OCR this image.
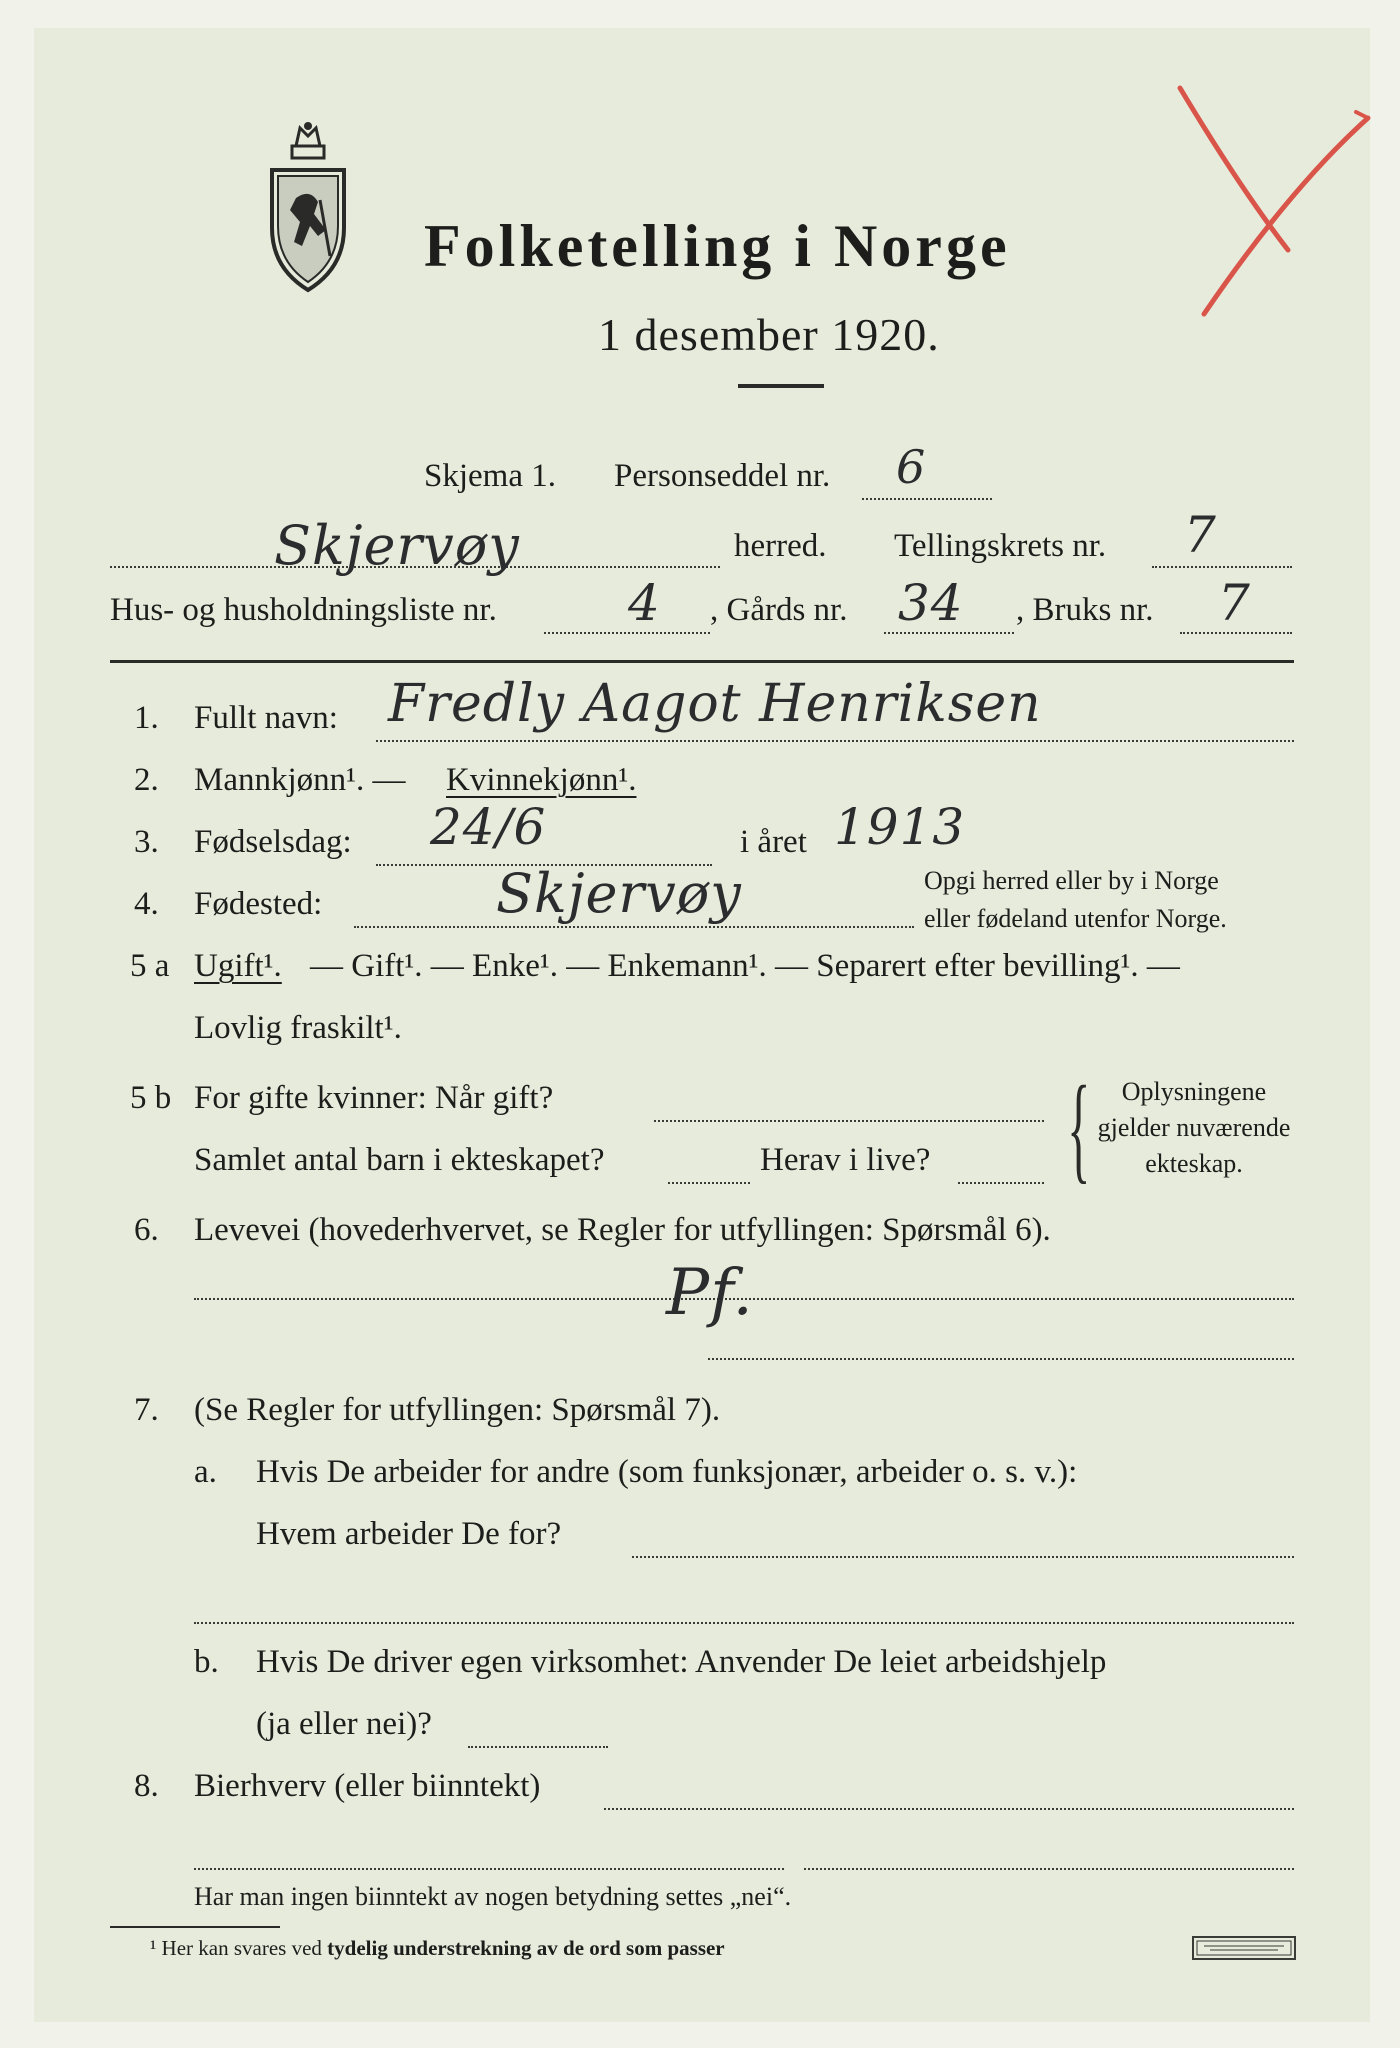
Folketelling i Norge
1 desember 1920.
Skjema 1. Personseddel nr. 6
Skjervøy	herred. Tellingskrets nr. 7
Hus- og husholdningsliste nr.	4 , Gårds nr. 34 , Bruks nr. 7
1. Fullt navn: Fredly Aagot Henriksen
2. Mannkjønn¹. — Kvinnekjønn¹.
3. Fødselsdag: 24/6	i året 1913
4. Fødested:	Skjervøy	Opgi herred eller by i Norge
eller fødeland utenfor Norge.
5 a Ugift¹. — Gift¹. — Enke¹. — Enkemann¹. — Separert efter bevilling¹. —
Lovlig fraskilt¹.
5 b For gifte kvinner: Når gift?
Samlet antal barn i ekteskapet?	Herav i live? {	Oplysningene
gjelder nuværende
ekteskap.
6. Levevei (hovederhvervet, se Regler for utfyllingen: Spørsmål 6).
Pf.
7. (Se Regler for utfyllingen: Spørsmål 7).
a. Hvis De arbeider for andre (som funksjonær, arbeider o. s. v.):
Hvem arbeider De for?
b. Hvis De driver egen virksomhet: Anvender De leiet arbeidshjelp
(ja eller nei)?
8. Bierhverv (eller biinntekt)
Har man ingen biinntekt av nogen betydning settes „nei“.
¹ Her kan svares ved tydelig understrekning av de ord som passer
